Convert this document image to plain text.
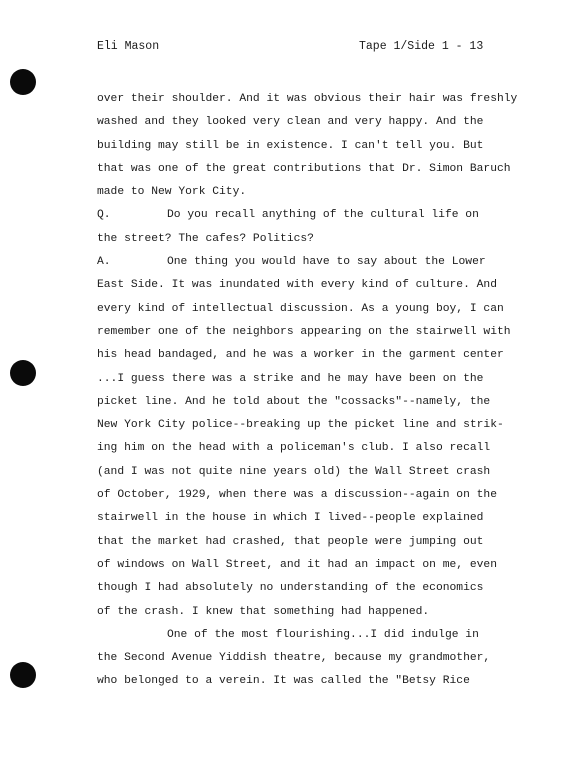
Eli Mason	Tape 1/Side 1 - 13
over their shoulder. And it was obvious their hair was freshly
washed and they looked very clean and very happy. And the
building may still be in existence. I can't tell you. But
that was one of the great contributions that Dr. Simon Baruch
made to New York City.
Q.	Do you recall anything of the cultural life on
the street? The cafes? Politics?
A.	One thing you would have to say about the Lower
East Side. It was inundated with every kind of culture. And
every kind of intellectual discussion. As a young boy, I can
remember one of the neighbors appearing on the stairwell with
his head bandaged, and he was a worker in the garment center
...I guess there was a strike and he may have been on the
picket line. And he told about the "cossacks"--namely, the
New York City police--breaking up the picket line and strik-
ing him on the head with a policeman's club. I also recall
(and I was not quite nine years old) the Wall Street crash
of October, 1929, when there was a discussion--again on the
stairwell in the house in which I lived--people explained
that the market had crashed, that people were jumping out
of windows on Wall Street, and it had an impact on me, even
though I had absolutely no understanding of the economics
of the crash. I knew that something had happened.
One of the most flourishing...I did indulge in
the Second Avenue Yiddish theatre, because my grandmother,
who belonged to a verein. It was called the "Betsy Rice
